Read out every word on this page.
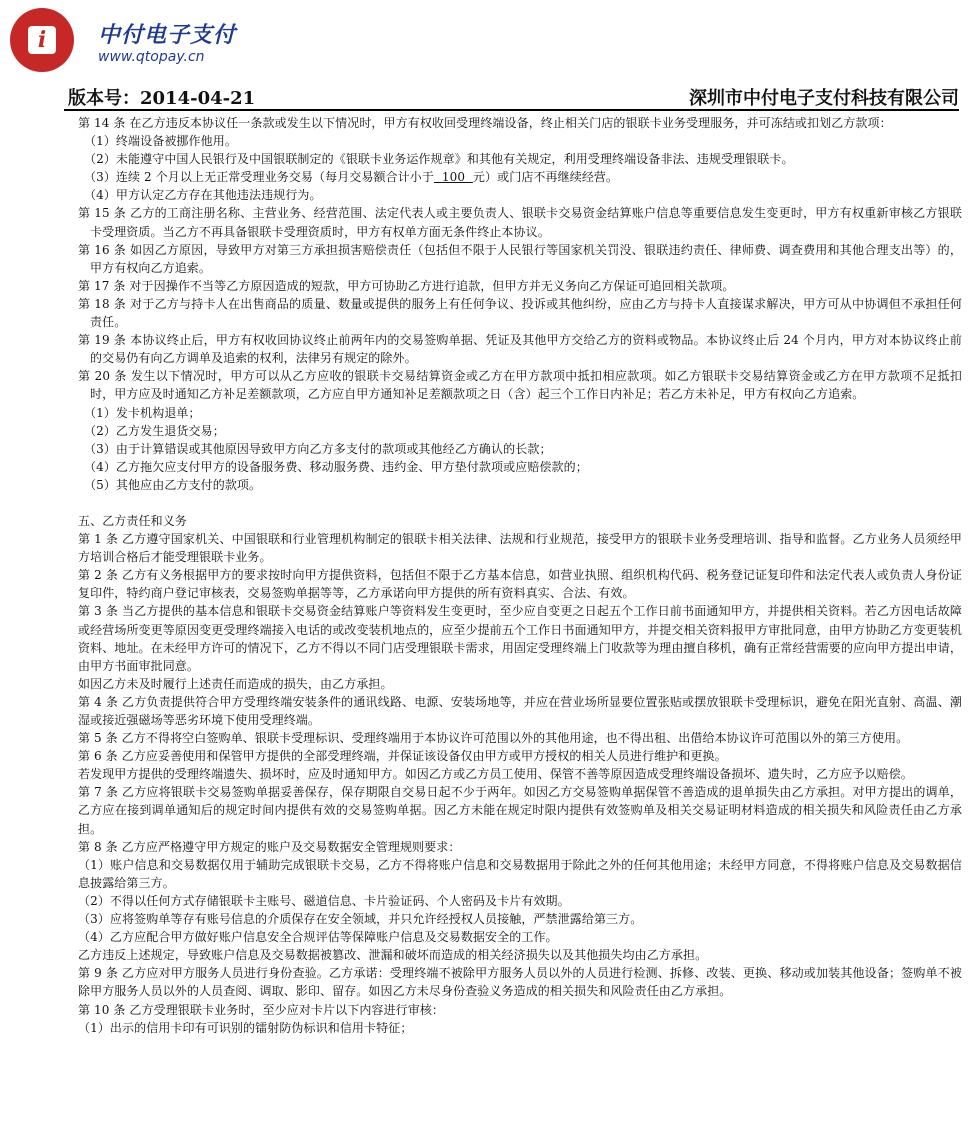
i	中付电子支付
www.qtopay.cn
版本号：2014-04-21	深圳市中付电子支付科技有限公司

第 14 条 在乙方违反本协议任一条款或发生以下情况时，甲方有权收回受理终端设备，终止相关门店的银联卡业务受理服务，并可冻结或扣划乙方款项：

（1）终端设备被挪作他用。

（2）未能遵守中国人民银行及中国银联制定的《银联卡业务运作规章》和其他有关规定，利用受理终端设备非法、违规受理银联卡。

（3）连续 2 个月以上无正常受理业务交易（每月交易额合计小于 100 元）或门店不再继续经营。

（4）甲方认定乙方存在其他违法违规行为。

第 15 条 乙方的工商注册名称、主营业务、经营范围、法定代表人或主要负责人、银联卡交易资金结算账户信息等重要信息发生变更时，甲方有权重新审核乙方银联卡受理资质。当乙方不再具备银联卡受理资质时，甲方有权单方面无条件终止本协议。

第 16 条 如因乙方原因，导致甲方对第三方承担损害赔偿责任（包括但不限于人民银行等国家机关罚没、银联违约责任、律师费、调查费用和其他合理支出等）的，甲方有权向乙方追索。

第 17 条 对于因操作不当等乙方原因造成的短款，甲方可协助乙方进行追款，但甲方并无义务向乙方保证可追回相关款项。

第 18 条 对于乙方与持卡人在出售商品的质量、数量或提供的服务上有任何争议、投诉或其他纠纷，应由乙方与持卡人直接谋求解决，甲方可从中协调但不承担任何责任。

第 19 条 本协议终止后，甲方有权收回协议终止前两年内的交易签购单据、凭证及其他甲方交给乙方的资料或物品。本协议终止后 24 个月内，甲方对本协议终止前的交易仍有向乙方调单及追索的权利，法律另有规定的除外。

第 20 条 发生以下情况时，甲方可以从乙方应收的银联卡交易结算资金或乙方在甲方款项中抵扣相应款项。如乙方银联卡交易结算资金或乙方在甲方款项不足抵扣时，甲方应及时通知乙方补足差额款项，乙方应自甲方通知补足差额款项之日（含）起三个工作日内补足；若乙方未补足，甲方有权向乙方追索。

（1）发卡机构退单；

（2）乙方发生退货交易；

（3）由于计算错误或其他原因导致甲方向乙方多支付的款项或其他经乙方确认的长款；

（4）乙方拖欠应支付甲方的设备服务费、移动服务费、违约金、甲方垫付款项或应赔偿款的；

（5）其他应由乙方支付的款项。

五、乙方责任和义务

第 1 条 乙方遵守国家机关、中国银联和行业管理机构制定的银联卡相关法律、法规和行业规范，接受甲方的银联卡业务受理培训、指导和监督。乙方业务人员须经甲方培训合格后才能受理银联卡业务。

第 2 条 乙方有义务根据甲方的要求按时向甲方提供资料，包括但不限于乙方基本信息，如营业执照、组织机构代码、税务登记证复印件和法定代表人或负责人身份证复印件，特约商户登记审核表，交易签购单据等等，乙方承诺向甲方提供的所有资料真实、合法、有效。

第 3 条 当乙方提供的基本信息和银联卡交易资金结算账户等资料发生变更时，至少应自变更之日起五个工作日前书面通知甲方，并提供相关资料。若乙方因电话故障或经营场所变更等原因变更受理终端接入电话的或改变装机地点的，应至少提前五个工作日书面通知甲方，并提交相关资料报甲方审批同意，由甲方协助乙方变更装机资料、地址。在未经甲方许可的情况下，乙方不得以不同门店受理银联卡需求，用固定受理终端上门收款等为理由擅自移机，确有正常经营需要的应向甲方提出申请，由甲方书面审批同意。

如因乙方未及时履行上述责任而造成的损失，由乙方承担。

第 4 条 乙方负责提供符合甲方受理终端安装条件的通讯线路、电源、安装场地等，并应在营业场所显要位置张贴或摆放银联卡受理标识，避免在阳光直射、高温、潮湿或接近强磁场等恶劣环境下使用受理终端。

第 5 条 乙方不得将空白签购单、银联卡受理标识、受理终端用于本协议许可范围以外的其他用途，也不得出租、出借给本协议许可范围以外的第三方使用。

第 6 条 乙方应妥善使用和保管甲方提供的全部受理终端，并保证该设备仅由甲方或甲方授权的相关人员进行维护和更换。

若发现甲方提供的受理终端遗失、损坏时，应及时通知甲方。如因乙方或乙方员工使用、保管不善等原因造成受理终端设备损坏、遗失时，乙方应予以赔偿。

第 7 条 乙方应将银联卡交易签购单据妥善保存，保存期限自交易日起不少于两年。如因乙方交易签购单据保管不善造成的退单损失由乙方承担。对甲方提出的调单，乙方应在接到调单通知后的规定时间内提供有效的交易签购单据。因乙方未能在规定时限内提供有效签购单及相关交易证明材料造成的相关损失和风险责任由乙方承担。

第 8 条 乙方应严格遵守甲方规定的账户及交易数据安全管理规则要求：

（1）账户信息和交易数据仅用于辅助完成银联卡交易，乙方不得将账户信息和交易数据用于除此之外的任何其他用途；未经甲方同意，不得将账户信息及交易数据信息披露给第三方。

（2）不得以任何方式存储银联卡主账号、磁道信息、卡片验证码、个人密码及卡片有效期。

（3）应将签购单等存有账号信息的介质保存在安全领域，并只允许经授权人员接触，严禁泄露给第三方。

（4）乙方应配合甲方做好账户信息安全合规评估等保障账户信息及交易数据安全的工作。

乙方违反上述规定，导致账户信息及交易数据被篡改、泄漏和破坏而造成的相关经济损失以及其他损失均由乙方承担。

第 9 条 乙方应对甲方服务人员进行身份查验。乙方承诺：受理终端不被除甲方服务人员以外的人员进行检测、拆修、改装、更换、移动或加装其他设备；签购单不被除甲方服务人员以外的人员查阅、调取、影印、留存。如因乙方未尽身份查验义务造成的相关损失和风险责任由乙方承担。

第 10 条 乙方受理银联卡业务时，至少应对卡片以下内容进行审核：

（1）出示的信用卡印有可识别的镭射防伪标识和信用卡特征；
